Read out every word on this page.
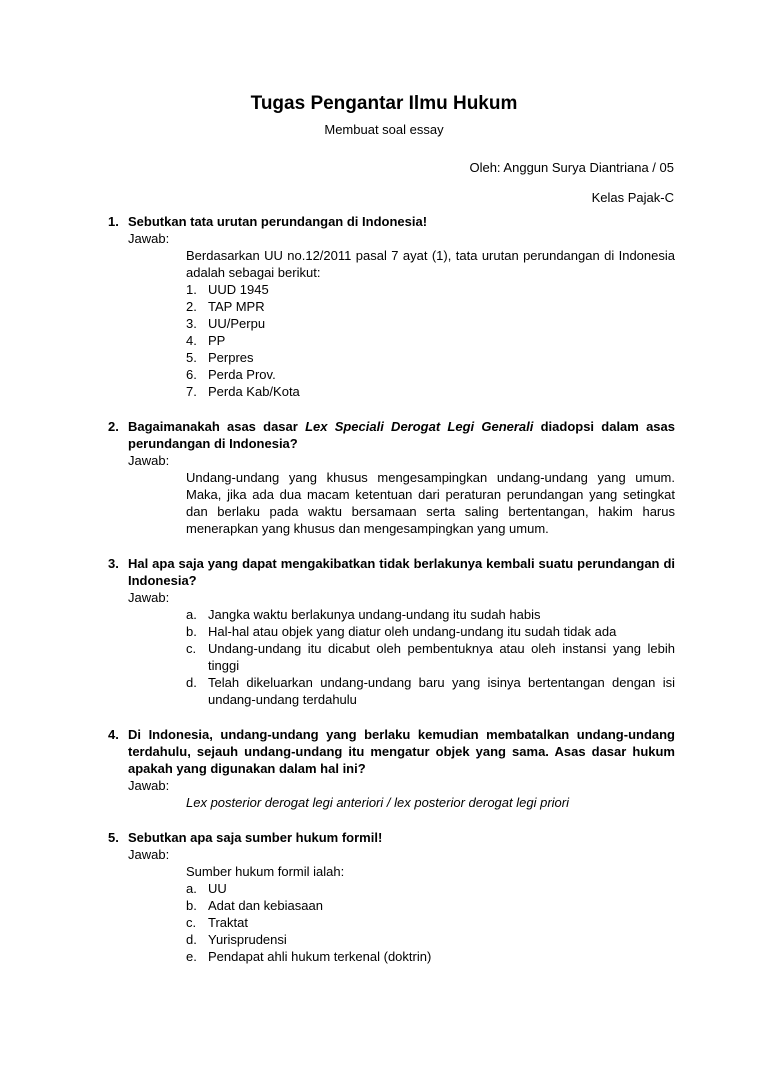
Tugas Pengantar Ilmu Hukum
Membuat soal essay
Oleh: Anggun Surya Diantriana / 05
Kelas Pajak-C
1. Sebutkan tata urutan perundangan di Indonesia!
Jawab:
Berdasarkan UU no.12/2011 pasal 7 ayat (1), tata urutan perundangan di Indonesia adalah sebagai berikut:
1. UUD 1945
2. TAP MPR
3. UU/Perpu
4. PP
5. Perpres
6. Perda Prov.
7. Perda Kab/Kota
2. Bagaimanakah asas dasar Lex Speciali Derogat Legi Generali diadopsi dalam asas perundangan di Indonesia?
Jawab:
Undang-undang yang khusus mengesampingkan undang-undang yang umum. Maka, jika ada dua macam ketentuan dari peraturan perundangan yang setingkat dan berlaku pada waktu bersamaan serta saling bertentangan, hakim harus menerapkan yang khusus dan mengesampingkan yang umum.
3. Hal apa saja yang dapat mengakibatkan tidak berlakunya kembali suatu perundangan di Indonesia?
Jawab:
a. Jangka waktu berlakunya undang-undang itu sudah habis
b. Hal-hal atau objek yang diatur oleh undang-undang itu sudah tidak ada
c. Undang-undang itu dicabut oleh pembentuknya atau oleh instansi yang lebih tinggi
d. Telah dikeluarkan undang-undang baru yang isinya bertentangan dengan isi undang-undang terdahulu
4. Di Indonesia, undang-undang yang berlaku kemudian membatalkan undang-undang terdahulu, sejauh undang-undang itu mengatur objek yang sama. Asas dasar hukum apakah yang digunakan dalam hal ini?
Jawab:
Lex posterior derogat legi anteriori / lex posterior derogat legi priori
5. Sebutkan apa saja sumber hukum formil!
Jawab:
Sumber hukum formil ialah:
a. UU
b. Adat dan kebiasaan
c. Traktat
d. Yurisprudensi
e. Pendapat ahli hukum terkenal (doktrin)
